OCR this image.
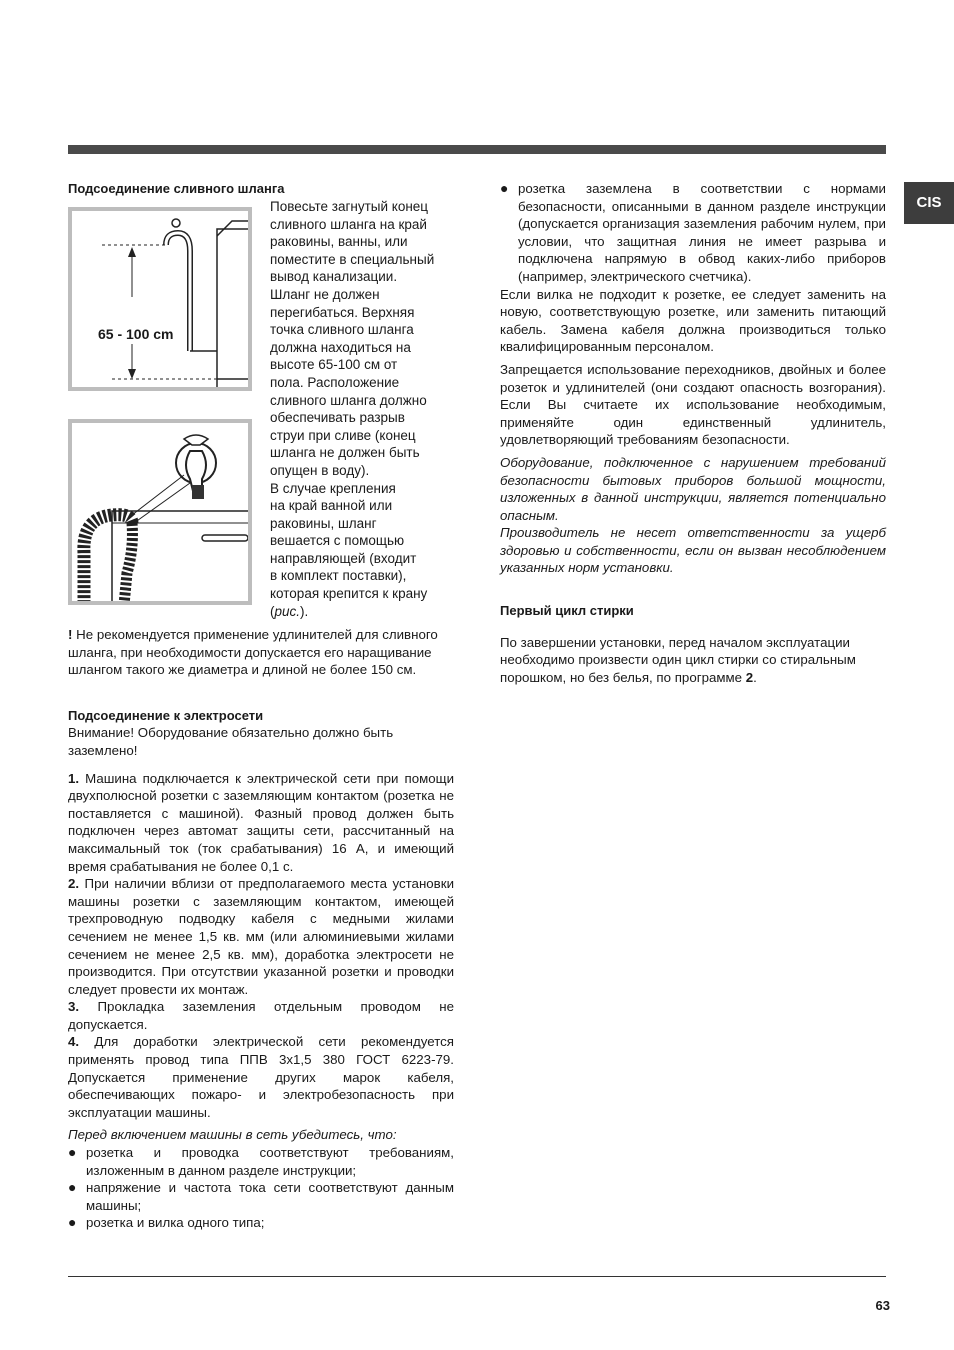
CIS
Подсоединение сливного шланга
65 - 100 cm
Повесьте загнутый конец
сливного шланга на край
раковины, ванны, или
поместите в специальный
вывод канализации.
Шланг не должен
перегибаться. Верхняя
точка сливного шланга
должна находиться на
высоте 65-100 см от
пола. Расположение
сливного шланга должно
обеспечивать разрыв
струи при сливе (конец
шланга не должен быть
опущен в воду).
В случае крепления
на край ванной или
раковины, шланг
вешается с помощью
направляющей (входит
в комплект поставки),
которая крепится к крану
(рис.).

! Не рекомендуется применение удлинителей для сливного шланга, при необходимости допускается его наращивание шлангом такого же диаметра и длиной не более 150 см.

Подсоединение к электросети

Внимание! Оборудование обязательно должно быть заземлено!

1. Машина подключается к электрической сети при помощи двухполюсной розетки с заземляющим контактом (розетка не поставляется с машиной). Фазный провод должен быть подключен через автомат защиты сети, рассчитанный на максимальный ток (ток срабатывания) 16 А, и имеющий время срабатывания не более 0,1 с.

2. При наличии вблизи от предполагаемого места установки машины розетки с заземляющим контактом, имеющей трехпроводную подводку кабеля с медными жилами сечением не менее 1,5 кв. мм (или алюминиевыми жилами сечением не менее 2,5 кв. мм), доработка электросети не производится. При отсутствии указанной розетки и проводки следует провести их монтаж.

3. Прокладка заземления отдельным проводом не допускается.

4. Для доработки электрической сети рекомендуется применять провод типа ППВ 3х1,5 380 ГОСТ 6223-79. Допускается применение других марок кабеля, обеспечивающих пожаро- и электробезопасность при эксплуатации машины.

Перед включением машины в сеть убедитесь, что:

● розетка и проводка соответствуют требованиям, изложенным в данном разделе инструкции;
● напряжение и частота тока сети соответствуют данным машины;
● розетка и вилка одного типа;
● розетка заземлена в соответствии с нормами безопасности, описанными в данном разделе инструкции (допускается организация заземления рабочим нулем, при условии, что защитная линия не имеет разрыва и подключена напрямую в обвод каких-либо приборов (например, электрического счетчика).

Если вилка не подходит к розетке, ее следует заменить на новую, соответствующую розетке, или заменить питающий кабель. Замена кабеля должна производиться только квалифицированным персоналом.

Запрещается использование переходников, двойных и более розеток и удлинителей (они создают опасность возгорания). Если Вы считаете их использование необходимым, применяйте один единственный удлинитель, удовлетворяющий требованиям безопасности.

Оборудование, подключенное с нарушением требований безопасности бытовых приборов большой мощности, изложенных в данной инструкции, является потенциально опасным.

Производитель не несет ответственности за ущерб здоровью и собственности, если он вызван несоблюдением указанных норм установки.

Первый цикл стирки

По завершении установки, перед началом эксплуатации необходимо произвести один цикл стирки со стиральным порошком, но без белья, по программе 2.

63
